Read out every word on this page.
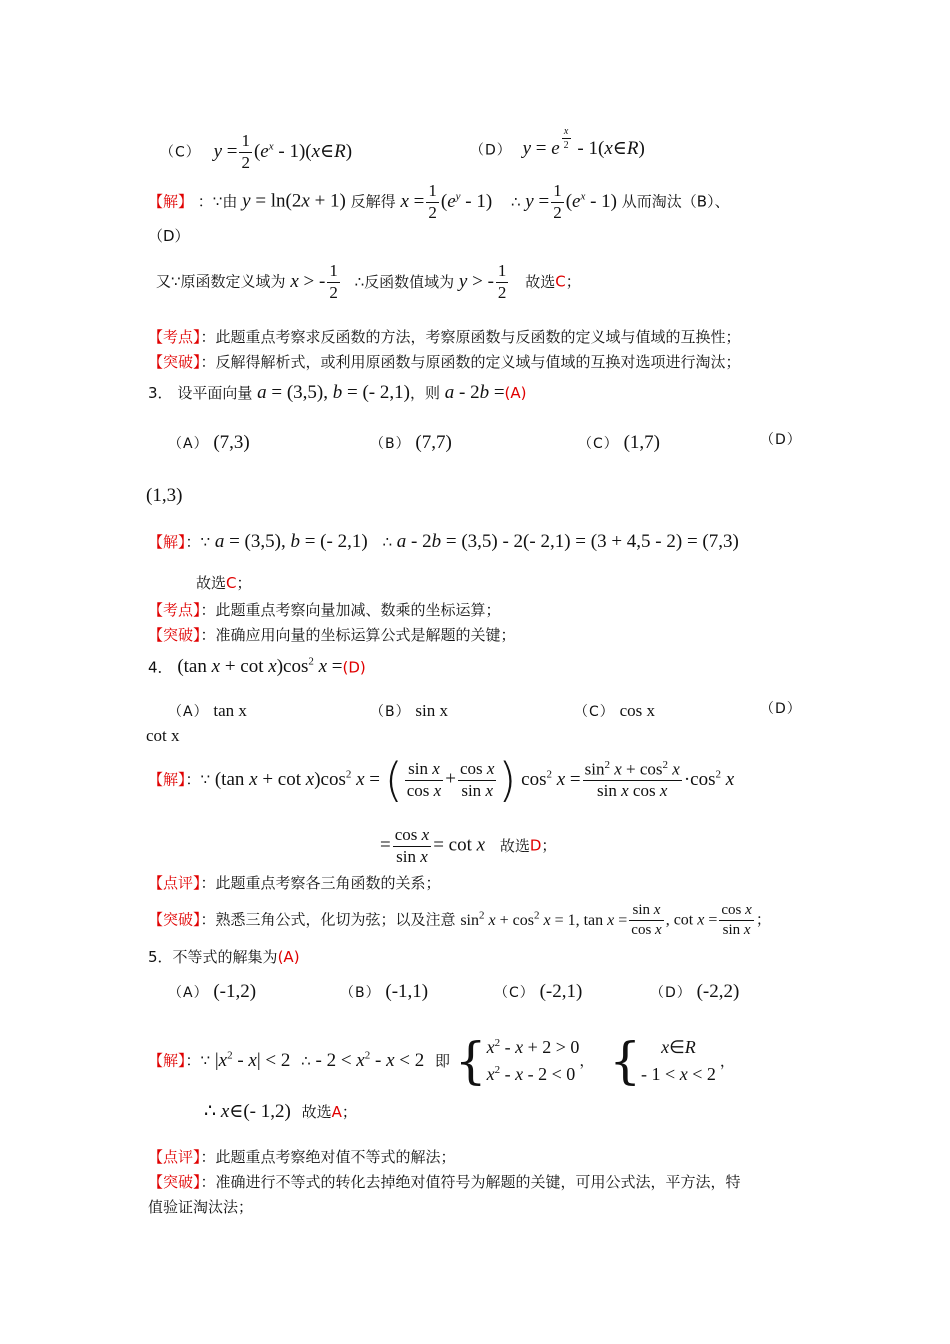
（C） $y = \frac{1}{2} (e^x$ - 1)(x∈R)	（D） y = e $^{\frac{x}{2}}$ - 1(x∈R)
【解】 ：∵由 y = ln(2x + 1) 反解得 $x = \frac{1}{2} (e^y - 1)$ ∴ $y = \frac{1}{2} (e^x - 1)$ 从而淘汰（B）、
（D）
又∵原函数定义域为 x > - $\frac{1}{2}$ ∴反函数值域为 y > - $\frac{1}{2}$ 故选C；
【考点】：此题重点考察求反函数的方法，考察原函数与反函数的定义域与值域的互换性；
【突破】：反解得解析式，或利用原函数与原函数的定义域与值域的互换对选项进行淘汰；
3． 设平面向量 a = (3,5), b = (- 2,1)，则 a - 2b =(A)
（A） (7,3)	（B） (7,7)	（C） (1,7)	（D）
(1,3)
【解】：∵ a = (3,5), b = (- 2,1) ∴ a - 2b = (3,5) - 2(- 2,1) = (3 + 4,5 - 2) = (7,3)
故选C；
【考点】：此题重点考察向量加减、数乘的坐标运算；
【突破】：准确应用向量的坐标运算公式是解题的关键；
4． (tan $x + \cot x)\cos^2$ x =(D)
（A） tan x	（B） sin x	（C） cos x	（D）
cot x
【解】：∵ (tan $x + \cot x)\cos^2$ x = ( $\frac{\text{sin x}}{\text{cos x}} + \frac{\text{cos x}}{\text{sin x}}$ ) $\cos^2 x = \frac{\sin^2 x + \cos^2 x}{\text{sin x cos x}} \cdot\cos^2$ x
= $\frac{\text{cos x}}{\text{sin x}} = \cot x$ 故选D；
【点评】：此题重点考察各三角函数的关系；
【突破】：熟悉三角公式，化切为弦；以及注意 $\sin^2 x + \cos^2 x = 1$, $\tan x = \frac{\text{sin x}}{\text{cos x}}$ , $\cot x = \frac{\text{cos x}}{\text{sin x}}$ ；
5．不等式的解集为(A)
（A） (-1,2)	（B） (-1,1)	（C） (-2,1)	（D） (-2,2)
【解】：∵ $|x^2 - x| < 2$ ∴ - $2 < x^2 - x < 2$ 即 { $x^2 - x + 2 > 0$
$x^2 - x - 2 < 0$
， {	x∈R
- 1 < x < 2
，
∴ x∈(- 1,2) 故选A；
【点评】：此题重点考察绝对值不等式的解法；
【突破】：准确进行不等式的转化去掉绝对值符号为解题的关键，可用公式法，平方法，特
值验证淘汰法；
